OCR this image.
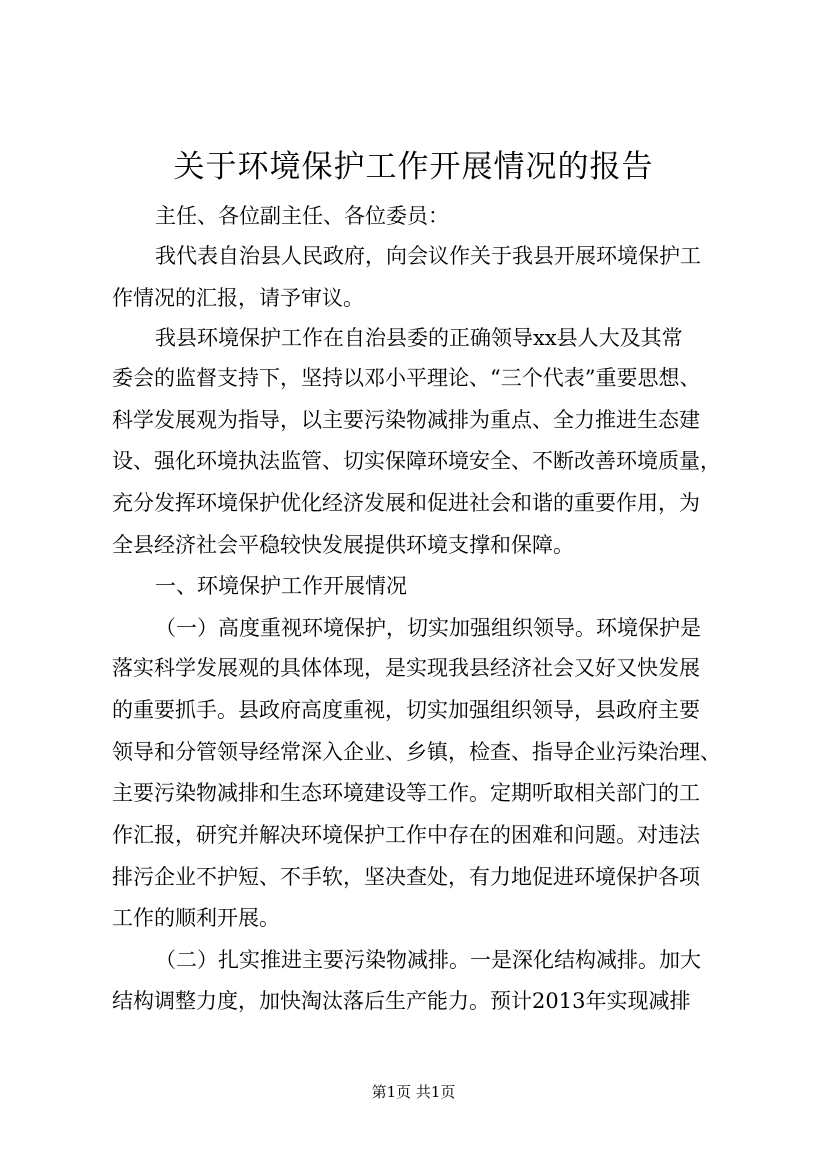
关于环境保护工作开展情况的报告
主任、各位副主任、各位委员：
我代表自治县人民政府，向会议作关于我县开展环境保护工
作情况的汇报，请予审议。
我县环境保护工作在自治县委的正确领导xx县人大及其常
委会的监督支持下，坚持以邓小平理论、“三个代表”重要思想、
科学发展观为指导，以主要污染物减排为重点、全力推进生态建
设、强化环境执法监管、切实保障环境安全、不断改善环境质量，
充分发挥环境保护优化经济发展和促进社会和谐的重要作用，为
全县经济社会平稳较快发展提供环境支撑和保障。
一、环境保护工作开展情况
（一）高度重视环境保护，切实加强组织领导。环境保护是
落实科学发展观的具体体现，是实现我县经济社会又好又快发展
的重要抓手。县政府高度重视，切实加强组织领导，县政府主要
领导和分管领导经常深入企业、乡镇，检查、指导企业污染治理、
主要污染物减排和生态环境建设等工作。定期听取相关部门的工
作汇报，研究并解决环境保护工作中存在的困难和问题。对违法
排污企业不护短、不手软，坚决查处，有力地促进环境保护各项
工作的顺利开展。
（二）扎实推进主要污染物减排。一是深化结构减排。加大
结构调整力度，加快淘汰落后生产能力。预计2013年实现减排
第1页 共1页
